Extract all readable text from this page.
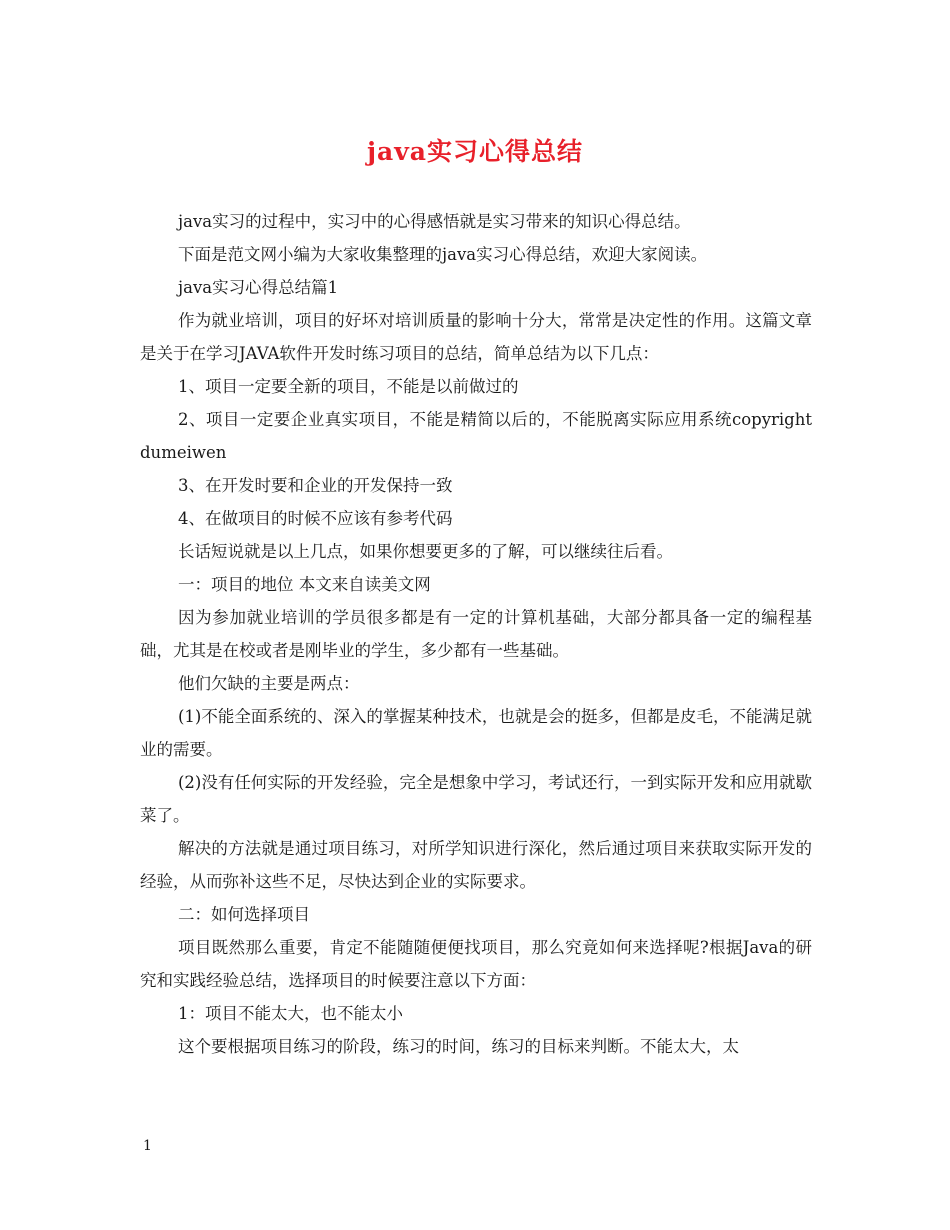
java实习心得总结

java实习的过程中，实习中的心得感悟就是实习带来的知识心得总结。

下面是范文网小编为大家收集整理的java实习心得总结，欢迎大家阅读。

java实习心得总结篇1

作为就业培训，项目的好坏对培训质量的影响十分大，常常是决定性的作用。这篇文章是关于在学习JAVA软件开发时练习项目的总结，简单总结为以下几点：

1、项目一定要全新的项目，不能是以前做过的

2、项目一定要企业真实项目，不能是精简以后的，不能脱离实际应用系统copyright dumeiwen

3、在开发时要和企业的开发保持一致

4、在做项目的时候不应该有参考代码

长话短说就是以上几点，如果你想要更多的了解，可以继续往后看。

一：项目的地位 本文来自读美文网

因为参加就业培训的学员很多都是有一定的计算机基础，大部分都具备一定的编程基础，尤其是在校或者是刚毕业的学生，多少都有一些基础。

他们欠缺的主要是两点：

(1)不能全面系统的、深入的掌握某种技术，也就是会的挺多，但都是皮毛，不能满足就业的需要。

(2)没有任何实际的开发经验，完全是想象中学习，考试还行，一到实际开发和应用就歇菜了。

解决的方法就是通过项目练习，对所学知识进行深化，然后通过项目来获取实际开发的经验，从而弥补这些不足，尽快达到企业的实际要求。

二：如何选择项目

项目既然那么重要，肯定不能随随便便找项目，那么究竟如何来选择呢?根据Java的研究和实践经验总结，选择项目的时候要注意以下方面：

1：项目不能太大，也不能太小

这个要根据项目练习的阶段，练习的时间，练习的目标来判断。不能太大，太

1
